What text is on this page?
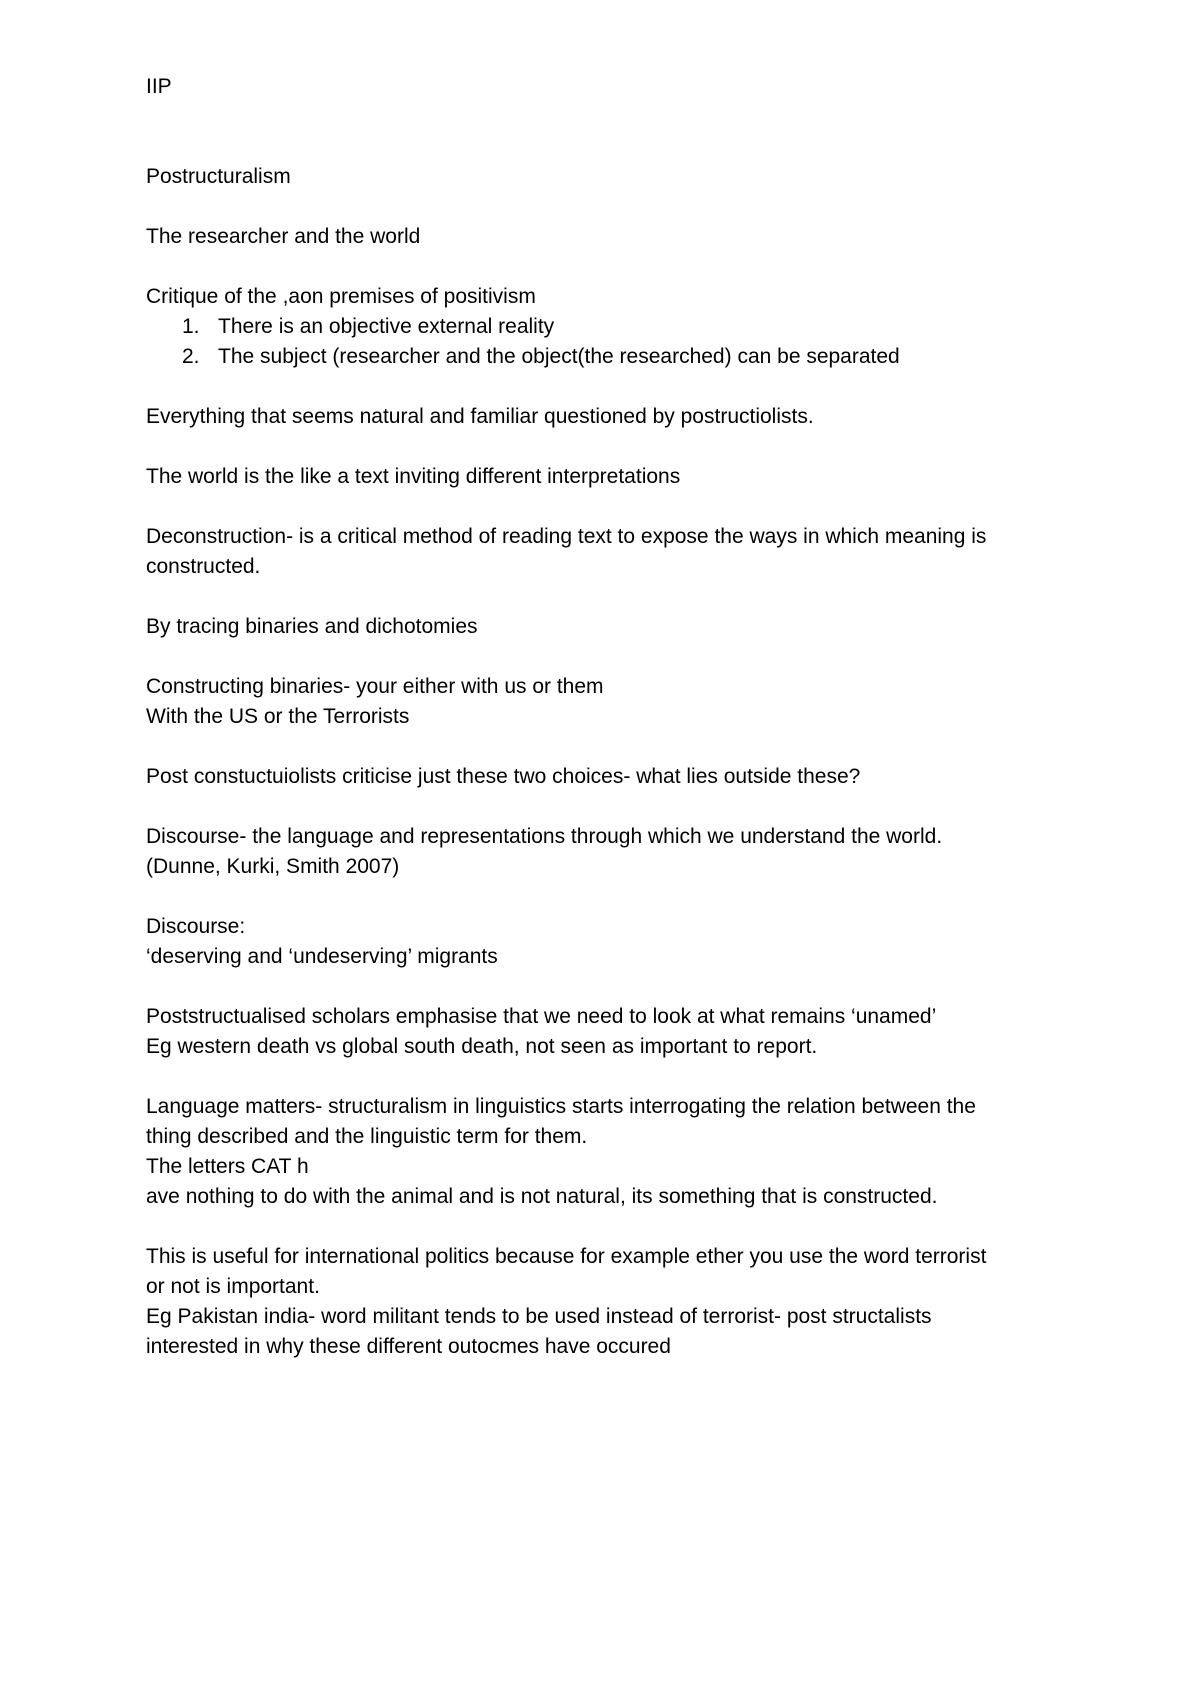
IIP
Postructuralism
The researcher and the world
Critique of the ,aon premises of positivism
1. There is an objective external reality
2. The subject (researcher and the object(the researched) can be separated
Everything that seems natural and familiar questioned by postructiolists.
The world is the like a text inviting different interpretations
Deconstruction- is a critical method of reading text to expose the ways in which meaning is
constructed.
By tracing binaries and dichotomies
Constructing binaries- your either with us or them
With the US or the Terrorists
Post constuctuiolists criticise just these two choices- what lies outside these?
Discourse- the language and representations through which we understand the world.
(Dunne, Kurki, Smith 2007)
Discourse:
‘deserving and ‘undeserving’ migrants
Poststructualised scholars emphasise that we need to look at what remains ‘unamed’
Eg western death vs global south death, not seen as important to report.
Language matters- structuralism in linguistics starts interrogating the relation between the
thing described and the linguistic term for them.
The letters CAT h
ave nothing to do with the animal and is not natural, its something that is constructed.
This is useful for international politics because for example ether you use the word terrorist
or not is important.
Eg Pakistan india- word militant tends to be used instead of terrorist- post structalists
interested in why these different outocmes have occured
